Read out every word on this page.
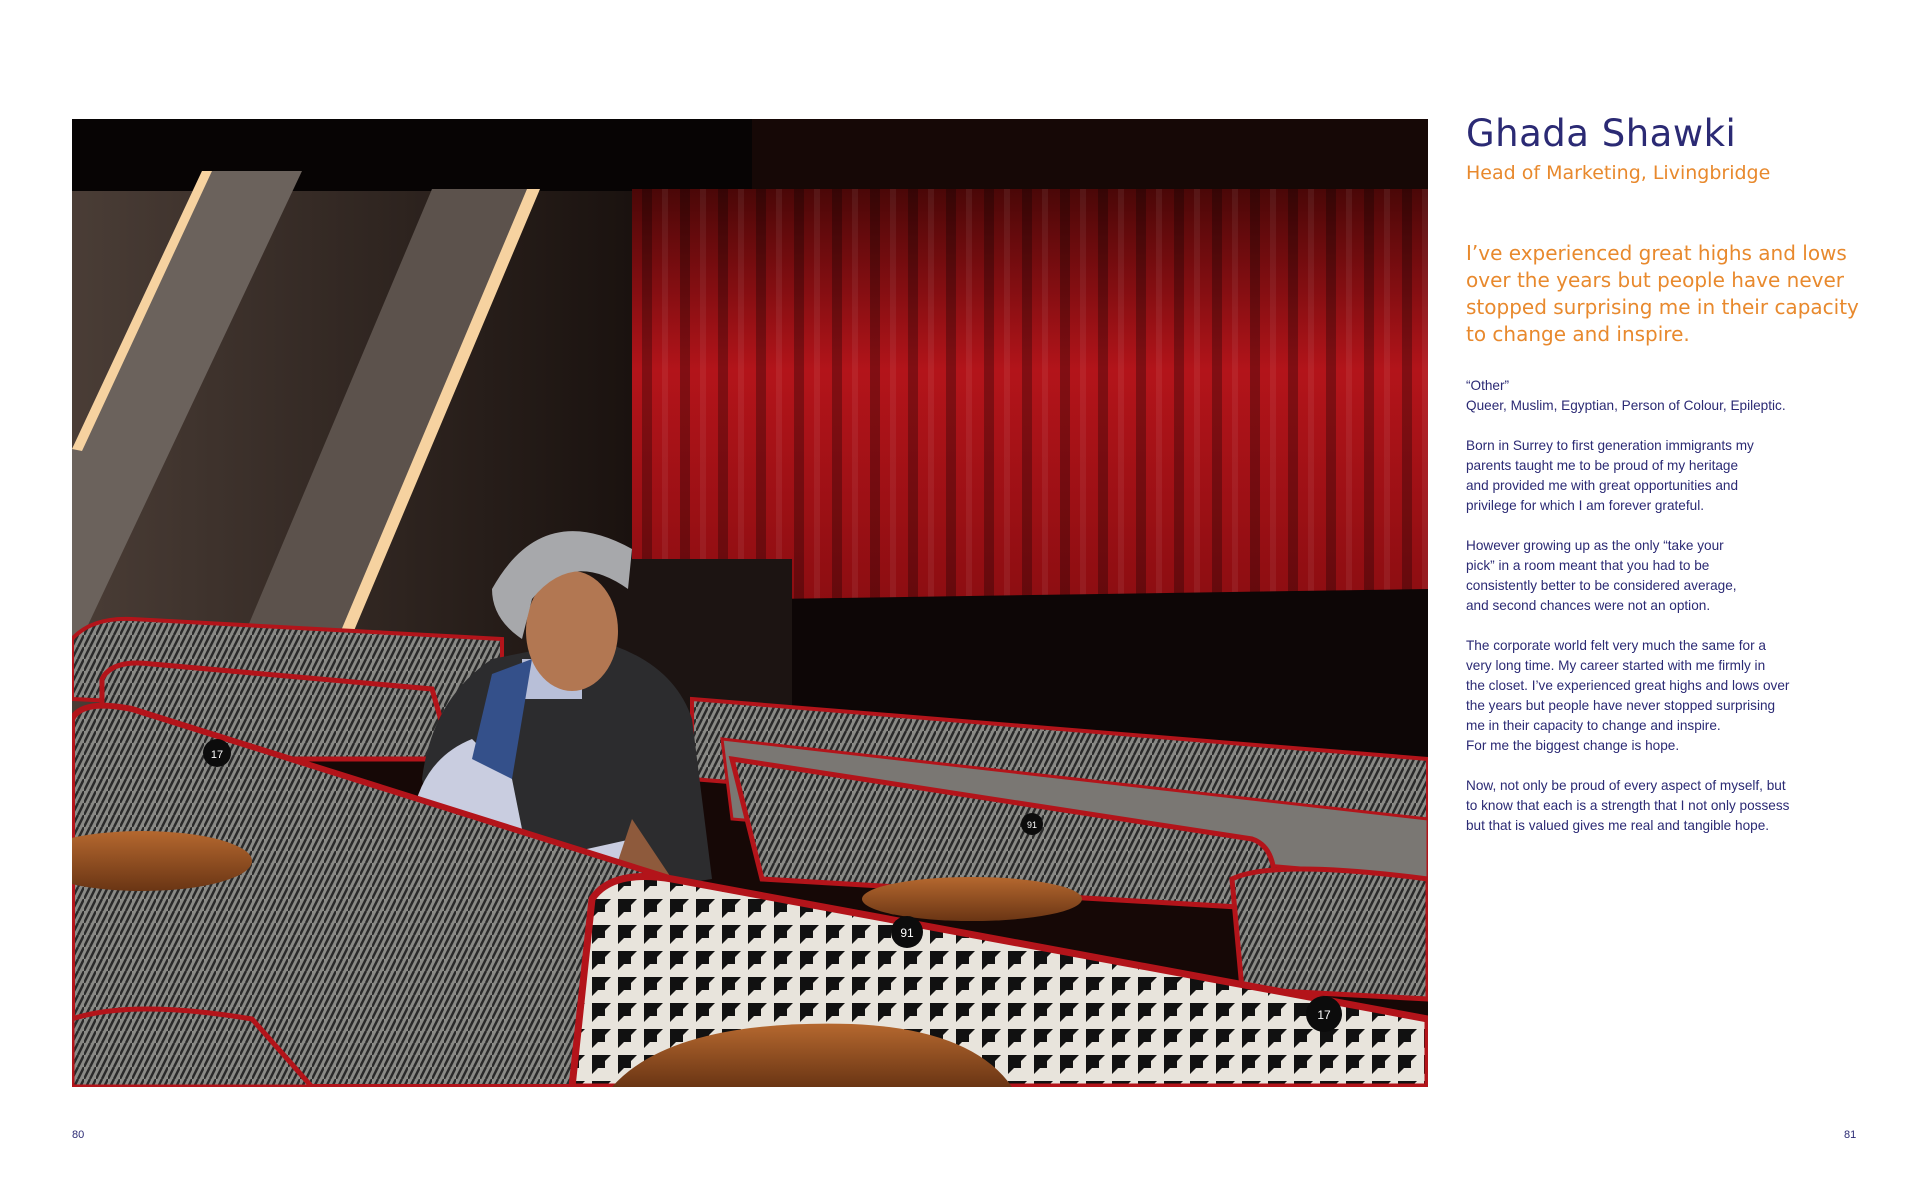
17
91
91
17
Ghada Shawki
Head of Marketing, Livingbridge
I’ve experienced great highs and lows
over the years but people have never
stopped surprising me in their capacity
to change and inspire.

“Other”
Queer, Muslim, Egyptian, Person of Colour, Epileptic.

Born in Surrey to first generation immigrants my
parents taught me to be proud of my heritage
and provided me with great opportunities and
privilege for which I am forever grateful.

However growing up as the only “take your
pick” in a room meant that you had to be
consistently better to be considered average,
and second chances were not an option.

The corporate world felt very much the same for a
very long time. My career started with me firmly in
the closet. I’ve experienced great highs and lows over
the years but people have never stopped surprising
me in their capacity to change and inspire.
For me the biggest change is hope.

Now, not only be proud of every aspect of myself, but
to know that each is a strength that I not only possess
but that is valued gives me real and tangible hope.

80	81
